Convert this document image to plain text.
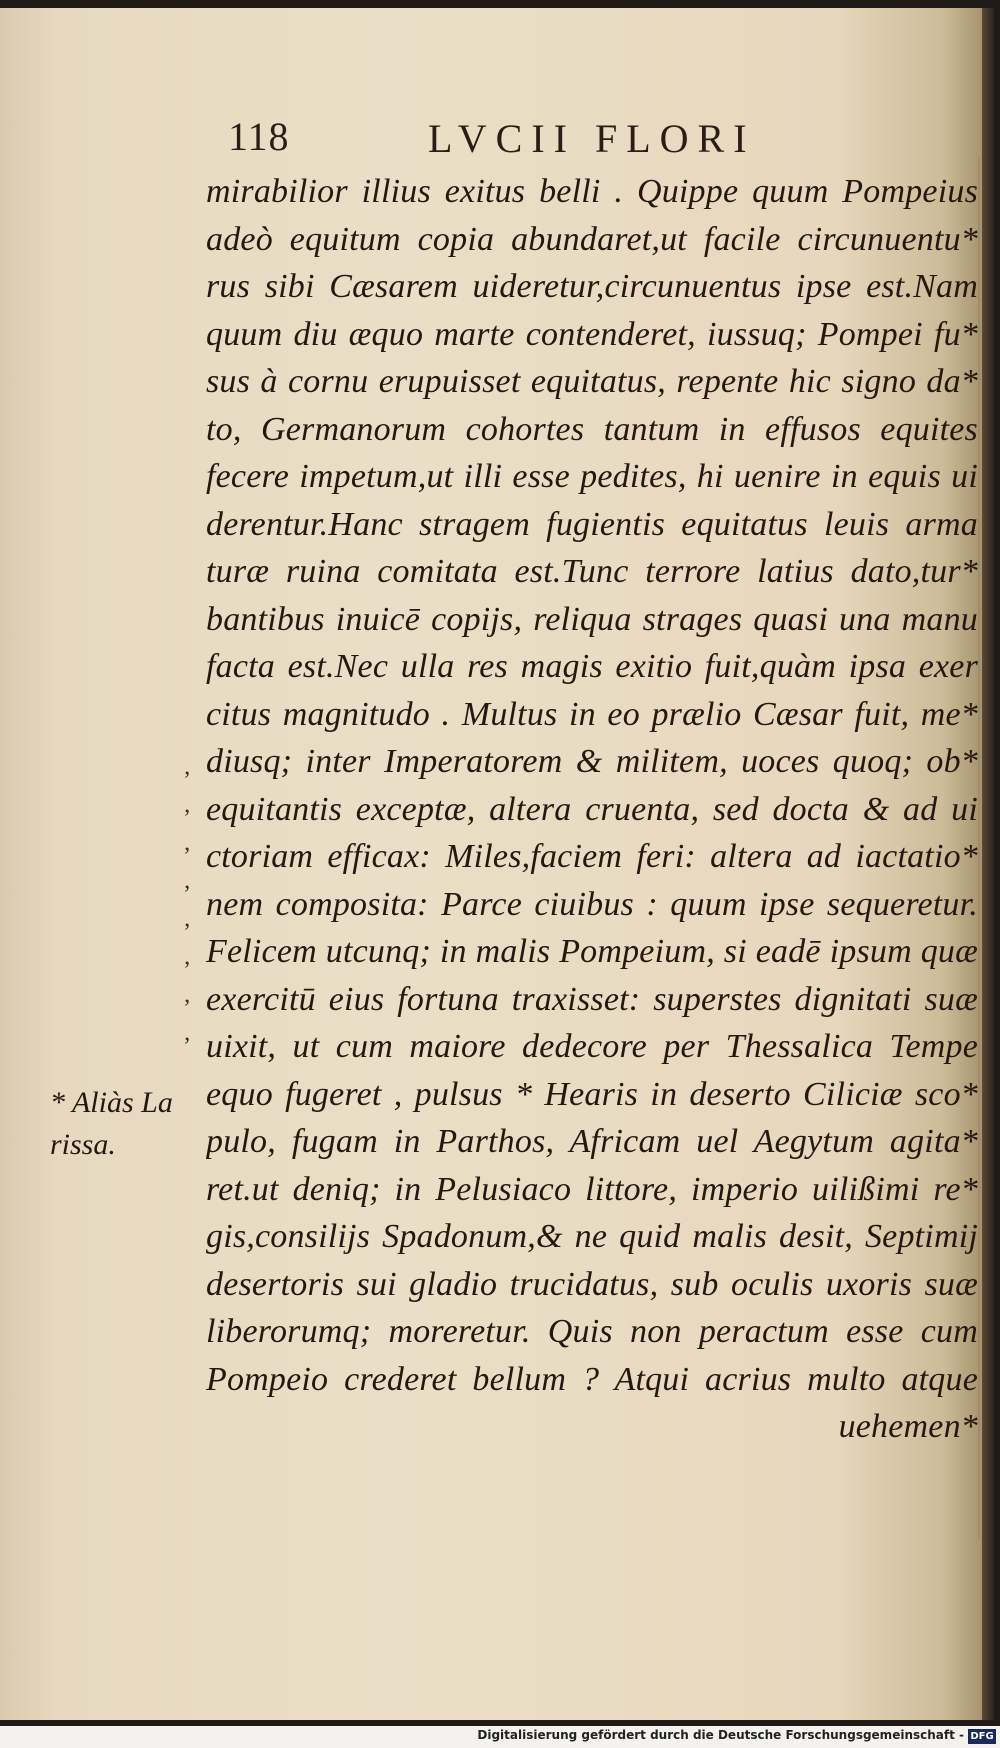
118	LVCII FLORI
mirabilior illius exitus belli . Quippe quum Pompeius
adeò equitum copia abundaret,ut facile circunuentu*
rus sibi Cæsarem uideretur,circunuentus ipse est.Nam
quum diu æquo marte contenderet, iussuq; Pompei fu*
sus à cornu erupuisset equitatus, repente hic signo da*
to, Germanorum cohortes tantum in effusos equites
fecere impetum,ut illi esse pedites, hi uenire in equis ui
derentur.Hanc stragem fugientis equitatus leuis arma
turæ ruina comitata est.Tunc terrore latius dato,tur*
bantibus inuicē copijs, reliqua strages quasi una manu
facta est.Nec ulla res magis exitio fuit,quàm ipsa exer
citus magnitudo . Multus in eo prælio Cæsar fuit, me*
diusq; inter Imperatorem & militem, uoces quoq; ob*
equitantis exceptæ, altera cruenta, sed docta & ad ui
ctoriam efficax: Miles,faciem feri: altera ad iactatio*
nem composita: Parce ciuibus : quum ipse sequeretur.
Felicem utcunq; in malis Pompeium, si eadē ipsum quæ
exercitū eius fortuna traxisset: superstes dignitati suæ
uixit, ut cum maiore dedecore per Thessalica Tempe
equo fugeret , pulsus * Hearis in deserto Ciliciæ sco*
pulo, fugam in Parthos, Africam uel Aegytum agita*
ret.ut deniq; in Pelusiaco littore, imperio uilißimi re*
gis,consilijs Spadonum,& ne quid malis desit, Septimij
desertoris sui gladio trucidatus, sub oculis uxoris suæ
liberorumq; moreretur. Quis non peractum esse cum
Pompeio crederet bellum ? Atqui acrius multo atque
uehemen*
‚
‚
‚
‚
‚
‚
‚
‚
* Aliàs La
rissa.
Digitalisierung gefördert durch die Deutsche Forschungsgemeinschaft - DFG
